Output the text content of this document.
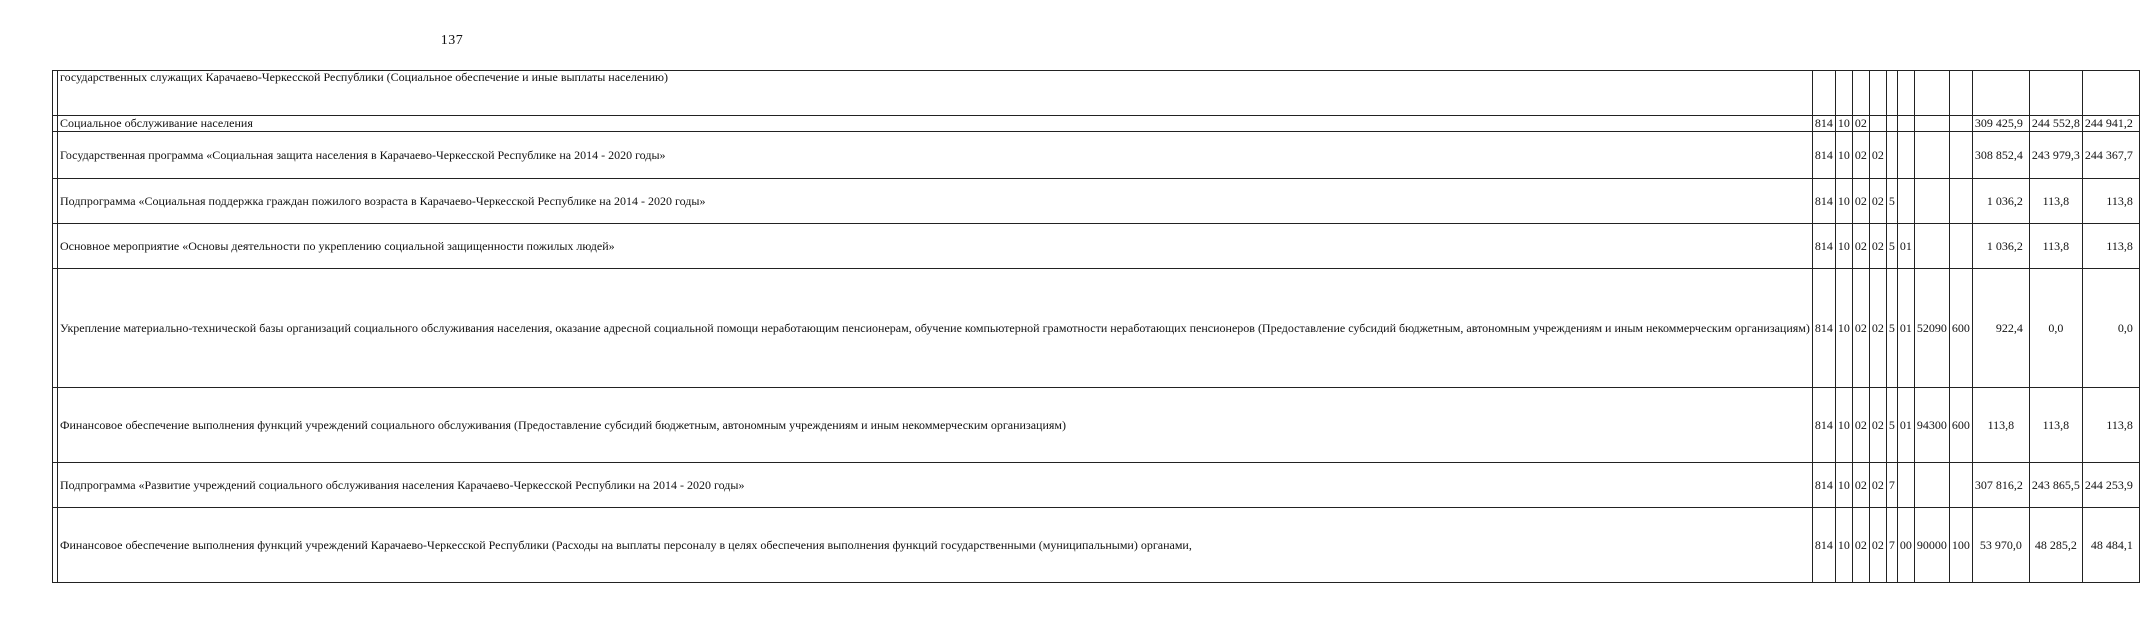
137
	государственных служащих Карачаево-Черкесской Республики (Социальное обеспечение и иные выплаты населению)											
	Социальное обслуживание населения	814	10	02						309 425,9	244 552,8	244 941,2
	Государственная программа «Социальная защита населения в Карачаево-Черкесской Республике на 2014 - 2020 годы»	814	10	02	02					308 852,4	243 979,3	244 367,7
	Подпрограмма «Социальная поддержка граждан пожилого возраста в Карачаево-Черкесской Республике на 2014 - 2020 годы»	814	10	02	02	5				1 036,2	113,8	113,8
	Основное мероприятие «Основы деятельности по укреплению социальной защищенности пожилых людей»	814	10	02	02	5	01			1 036,2	113,8	113,8
	Укрепление материально-технической базы организаций социального обслуживания населения, оказание адресной социальной помощи неработающим пенсионерам, обучение компьютерной грамотности неработающих пенсионеров (Предоставление субсидий бюджетным, автономным учреждениям и иным некоммерческим организациям)	814	10	02	02	5	01	52090	600	922,4	0,0	0,0
	Финансовое обеспечение выполнения функций учреждений социального обслуживания (Предоставление субсидий бюджетным, автономным учреждениям и иным некоммерческим организациям)	814	10	02	02	5	01	94300	600	113,8	113,8	113,8
	Подпрограмма «Развитие учреждений социального обслуживания населения Карачаево-Черкесской Республики на 2014 - 2020 годы»	814	10	02	02	7				307 816,2	243 865,5	244 253,9
	Финансовое обеспечение выполнения функций учреждений Карачаево-Черкесской Республики (Расходы на выплаты персоналу в целях обеспечения выполнения функций государственными (муниципальными) органами,	814	10	02	02	7	00	90000	100	53 970,0	48 285,2	48 484,1
